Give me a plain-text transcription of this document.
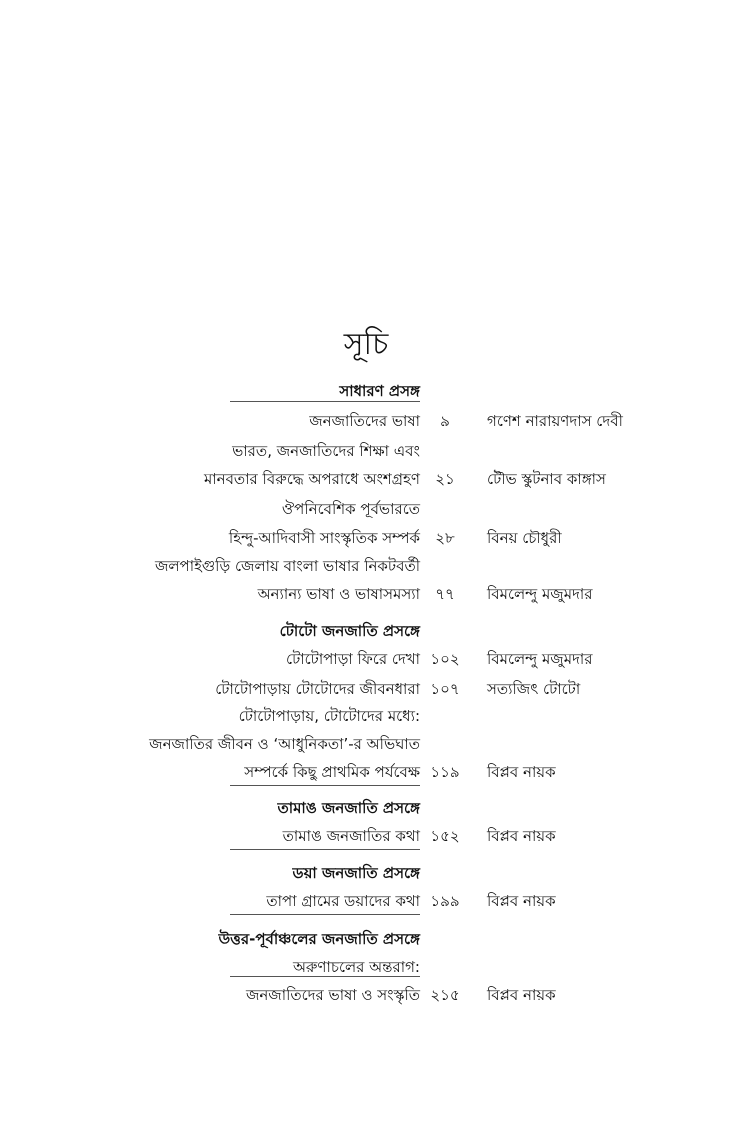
সূচি
সাধারণ প্রসঙ্গ
জনজাতিদের ভাষা	৯	গণেশ নারায়ণদাস দেবী
ভারত, জনজাতিদের শিক্ষা এবং
মানবতার বিরুদ্ধে অপরাধে অংশগ্রহণ	২১	টৌভ স্কুটনাব কাঙ্গাস
ঔপনিবেশিক পূর্বভারতে
হিন্দু-আদিবাসী সাংস্কৃতিক সম্পর্ক	২৮	বিনয় চৌধুরী
জলপাইগুড়ি জেলায় বাংলা ভাষার নিকটবর্তী
অন্যান্য ভাষা ও ভাষাসমস্যা	৭৭	বিমলেন্দু মজুমদার
টোটো জনজাতি প্রসঙ্গে
টোটোপাড়া ফিরে দেখা ১০২	বিমলেন্দু মজুমদার
টোটোপাড়ায় টোটোদের জীবনধারা ১০৭	সত্যজিৎ টোটো
টোটোপাড়ায়, টোটোদের মধ্যে:
জনজাতির জীবন ও ‘আধুনিকতা’-র অভিঘাত
সম্পর্কে কিছু প্রাথমিক পর্যবেক্ষ ১১৯	বিপ্লব নায়ক
তামাঙ জনজাতি প্রসঙ্গে
তামাঙ জনজাতির কথা ১৫২	বিপ্লব নায়ক
ডয়া জনজাতি প্রসঙ্গে
তাপা গ্রামের ডয়াদের কথা ১৯৯	বিপ্লব নায়ক
উত্তর-পূর্বাঞ্চলের জনজাতি প্রসঙ্গে
অরুণাচলের অন্তরাগ:
জনজাতিদের ভাষা ও সংস্কৃতি ২১৫	বিপ্লব নায়ক
